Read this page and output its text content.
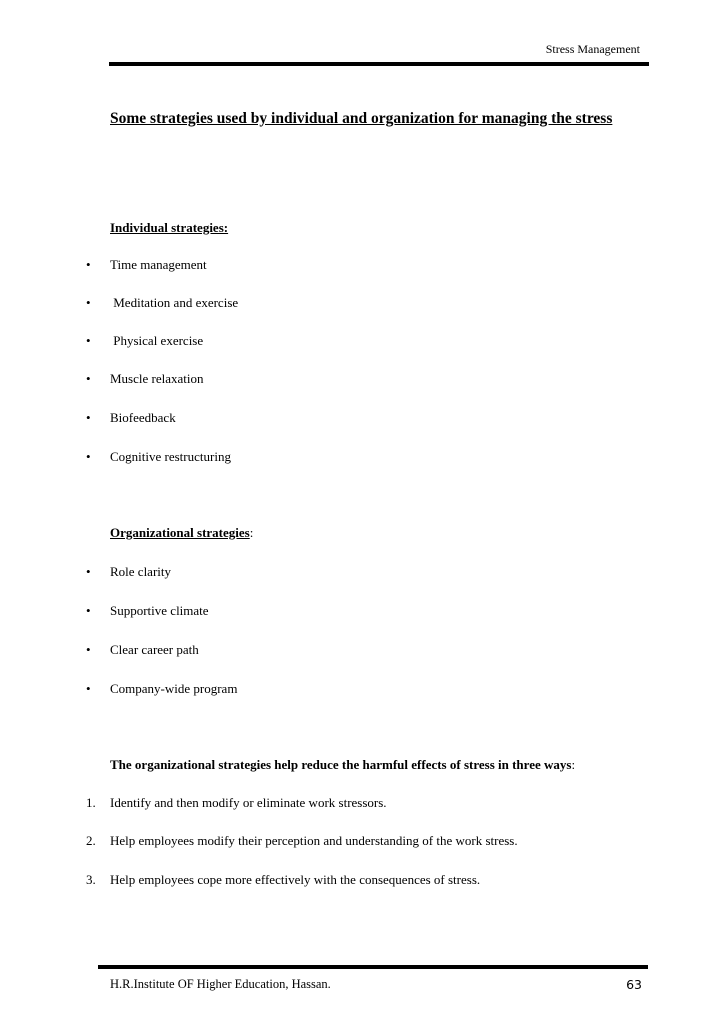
Stress Management
Some strategies used by individual and organization for managing the stress
Individual strategies:
• Time management
• Meditation and exercise
• Physical exercise
• Muscle relaxation
• Biofeedback
• Cognitive restructuring
Organizational strategies:
• Role clarity
• Supportive climate
• Clear career path
• Company-wide program
The organizational strategies help reduce the harmful effects of stress in three ways:
1. Identify and then modify or eliminate work stressors.
2. Help employees modify their perception and understanding of the work stress.
3. Help employees cope more effectively with the consequences of stress.
H.R.Institute OF Higher Education, Hassan.	63
